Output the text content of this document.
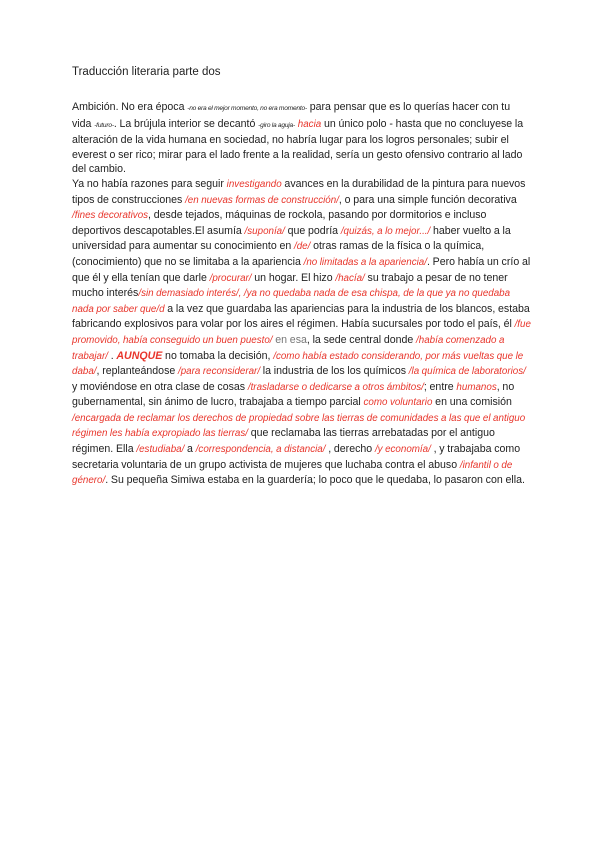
Traducción literaria parte dos

Ambición. No era época -no era el mejor momento, no era momento- para pensar que es lo querías hacer con tu vida -futuro-. La brújula interior se decantó -giro la aguja- hacia un único polo - hasta que no concluyese la alteración de la vida humana en sociedad, no habría lugar para los logros personales; subir el everest o ser rico; mirar para el lado frente a la realidad, sería un gesto ofensivo contrario al lado del cambio.

Ya no había razones para seguir investigando avances en la durabilidad de la pintura para nuevos tipos de construcciones /en nuevas formas de construcción/, o para una simple función decorativa /fines decorativos, desde tejados, máquinas de rockola, pasando por dormitorios e incluso deportivos descapotables.El asumía /suponía/ que podría /quizás, a lo mejor.../ haber vuelto a la universidad para aumentar su conocimiento en /de/ otras ramas de la física o la química, (conocimiento) que no se limitaba a la apariencia /no limitadas a la apariencia/. Pero había un crío al que él y ella tenían que darle /procurar/ un hogar. El hizo /hacía/ su trabajo a pesar de no tener mucho interés/sin demasiado interés/, /ya no quedaba nada de esa chispa, de la que ya no quedaba nada por saber que/d a la vez que guardaba las apariencias para la industria de los blancos, estaba fabricando explosivos para volar por los aires el régimen. Había sucursales por todo el país, él /fue promovido, había conseguido un buen puesto/ en esa, la sede central donde /había comenzado a trabajar/ . AUNQUE no tomaba la decisión, /como había estado considerando, por más vueltas que le daba/, replanteándose /para reconsiderar/ la industria de los los químicos /la química de laboratorios/ y moviéndose en otra clase de cosas /trasladarse o dedicarse a otros ámbitos/; entre humanos, no gubernamental, sin ánimo de lucro, trabajaba a tiempo parcial como voluntario en una comisión /encargada de reclamar los derechos de propiedad sobre las tierras de comunidades a las que el antiguo régimen les había expropiado las tierras/ que reclamaba las tierras arrebatadas por el antiguo régimen. Ella /estudiaba/ a /correspondencia, a distancia/ , derecho /y economía/ , y trabajaba como secretaria voluntaria de un grupo activista de mujeres que luchaba contra el abuso /infantil o de género/. Su pequeña Simiwa estaba en la guardería; lo poco que le quedaba, lo pasaron con ella.
